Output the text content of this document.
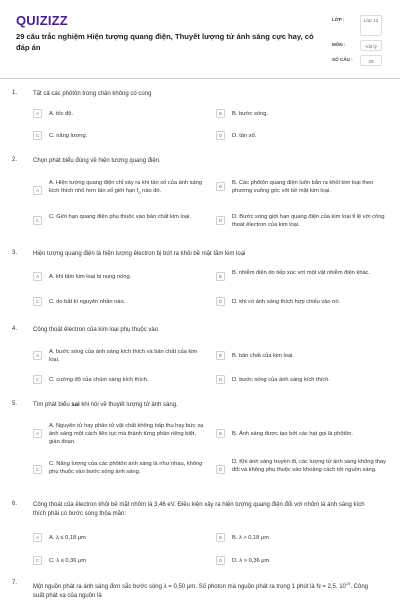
QUIZIZZ
29 câu trắc nghiệm Hiện tượng quang điện, Thuyết lượng tử ánh sáng cực hay, có đáp án
LỚP :	Lớp 12
MÔN :	Vật lý
SỐ CÂU :	29
1.	Tất cả các phôtôn trong chân không có cùng
A	A. tốc độ.	B	B. bước sóng.
C	C. năng lượng.	D	D. tần số.
2.	Chọn phát biểu đúng về hiện tượng quang điện.
A
A. Hiện tượng quang điện chỉ xảy ra khi tần số của ánh sáng kích thích nhỏ hơn tần số giới hạn $f_0$ nào đó.
B
B. Các phôtôn quang điện luôn bắn ra khỏi kim loại theo phương vuông góc với bề mặt kim loại.
C
C. Giới hạn quang điện phụ thuộc vào bản chất kim loại.
D
D. Bước sóng giới hạn quang điện của kim loại tỉ lệ với công thoát êlectron của kim loại.
3.	Hiện tượng quang điện là hiện tượng êlectron bị bứt ra khỏi bề mặt tấm kim loại
A	A. khi tấm kim loại bị nung nóng.	B
B. nhiễm điện do tiếp xúc với một vật nhiễm điện khác.
C	C. do bất kì nguyên nhân nào.	D	D. khi có ánh sáng thích hợp chiếu vào nó.
4.	Công thoát êlectron của kim loại phụ thuộc vào
A
A. bước sóng của ánh sáng kích thích và bản chất của kim loại.
B	B. bản chất của kim loại.
C	C. cường độ của chùm sáng kích thích.	D	D. bước sóng của ánh sáng kích thích.
5.	Tìm phát biểu sai khi nói về thuyết lượng tử ánh sáng.
A
A. Nguyên tử hay phân tử vật chất không hấp thụ hay bức xạ ánh sáng một cách liên tục mà thành từng phần riêng biệt, gián đoạn.
B	B. Ánh sáng được tạo bởi các hạt gọi là phôtôn.
C
C. Năng lượng của các phôtôn ánh sáng là như nhau, không phụ thuộc vào bước sóng ánh sáng.	D
D. Khi ánh sáng truyền đi, các lượng tử ánh sáng không thay đổi và không phụ thuộc vào khoảng cách tới nguồn sáng.
6.	Công thoát của êlectron khỏi bề mặt nhôm là 3,46 eV. Điều kiện xảy ra hiện tượng quang điện đối với nhôm là ánh sáng kích thích phải có bước sóng thỏa mãn:
A	A. λ ≤ 0,18 μm	B	B. λ > 0,18 μm
C	C. λ ≤ 0,36 μm	D	D. λ > 0,36 μm
7.
Một nguồn phát ra ánh sáng đơn sắc bước sóng λ = 0,50 μm. Số photon mà nguồn phát ra trong 1 phút là N = 2,5. $10^{19}$. Công suất phát xạ của nguồn là
